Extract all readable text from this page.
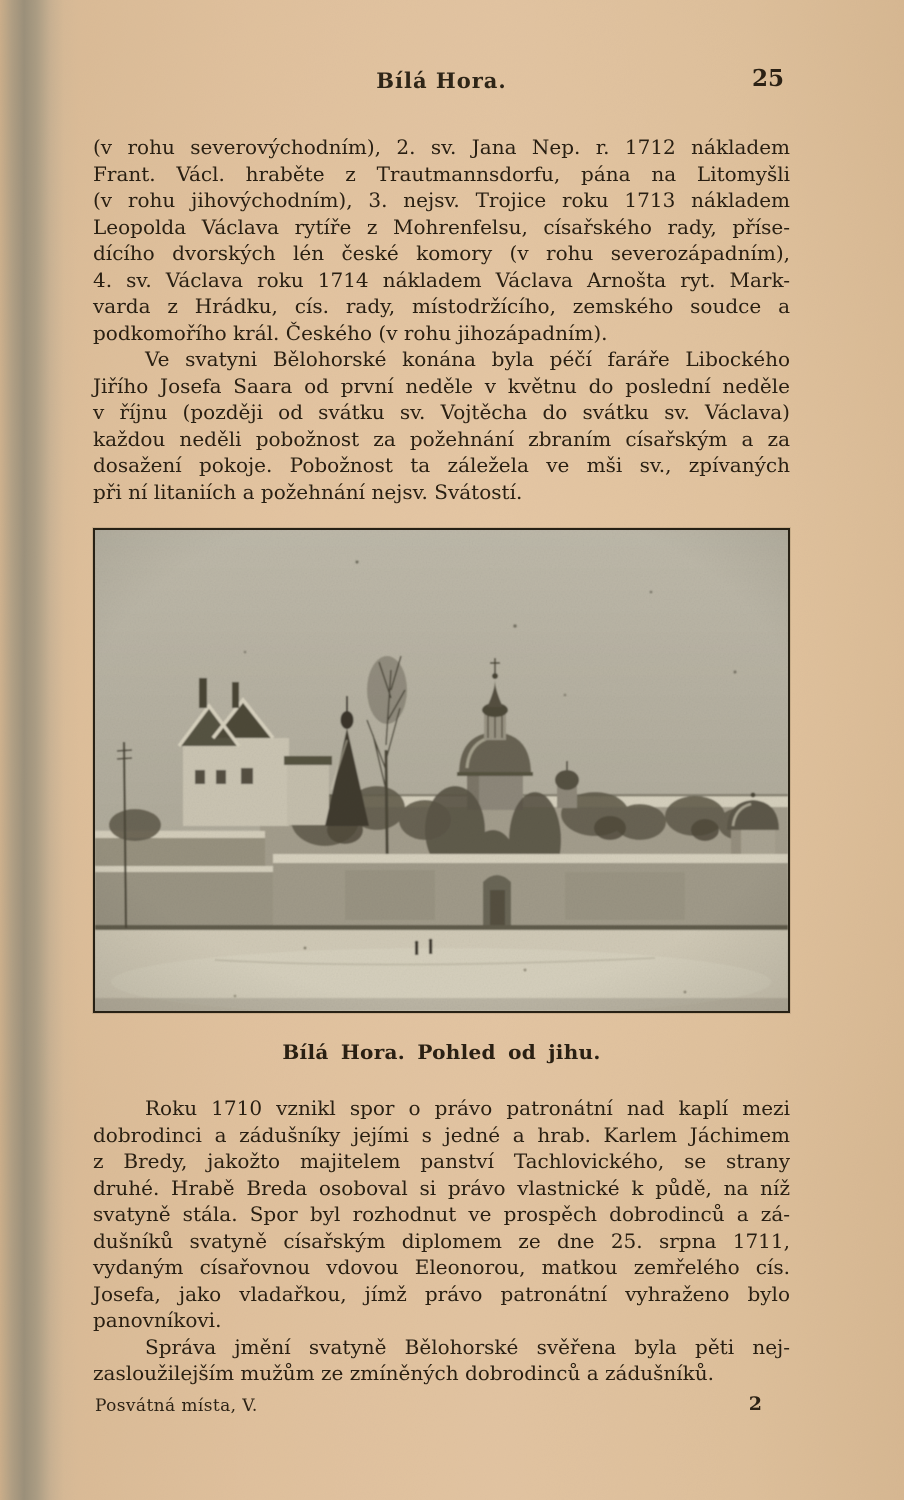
Bílá Hora.	25
(v rohu severovýchodním), 2. sv. Jana Nep. r. 1712 nákladem
Frant. Václ. hraběte z Trautmannsdorfu, pána na Litomyšli
(v rohu jihovýchodním), 3. nejsv. Trojice roku 1713 nákladem
Leopolda Václava rytíře z Mohrenfelsu, císařského rady, příse-
dícího dvorských lén české komory (v rohu severozápadním),
4. sv. Václava roku 1714 nákladem Václava Arnošta ryt. Mark-
varda z Hrádku, cís. rady, místodržícího, zemského soudce a
podkomořího král. Českého (v rohu jihozápadním).
Ve svatyni Bělohorské konána byla péčí faráře Libockého
Jiřího Josefa Saara od první neděle v květnu do poslední neděle
v říjnu (později od svátku sv. Vojtěcha do svátku sv. Václava)
každou neděli pobožnost za požehnání zbraním císařským a za
dosažení pokoje. Pobožnost ta záležela ve mši sv., zpívaných
při ní litaniích a požehnání nejsv. Svátostí.
Bílá Hora. Pohled od jihu.
Roku 1710 vznikl spor o právo patronátní nad kaplí mezi
dobrodinci a zádušníky jejími s jedné a hrab. Karlem Jáchimem
z Bredy, jakožto majitelem panství Tachlovického, se strany
druhé. Hrabě Breda osoboval si právo vlastnické k půdě, na níž
svatyně stála. Spor byl rozhodnut ve prospěch dobrodinců a zá-
dušníků svatyně císařským diplomem ze dne 25. srpna 1711,
vydaným císařovnou vdovou Eleonorou, matkou zemřelého cís.
Josefa, jako vladařkou, jímž právo patronátní vyhraženo bylo
panovníkovi.
Správa jmění svatyně Bělohorské svěřena byla pěti nej-
zasloužilejším mužům ze zmíněných dobrodinců a zádušníků.
Posvátná místa, V.	2
